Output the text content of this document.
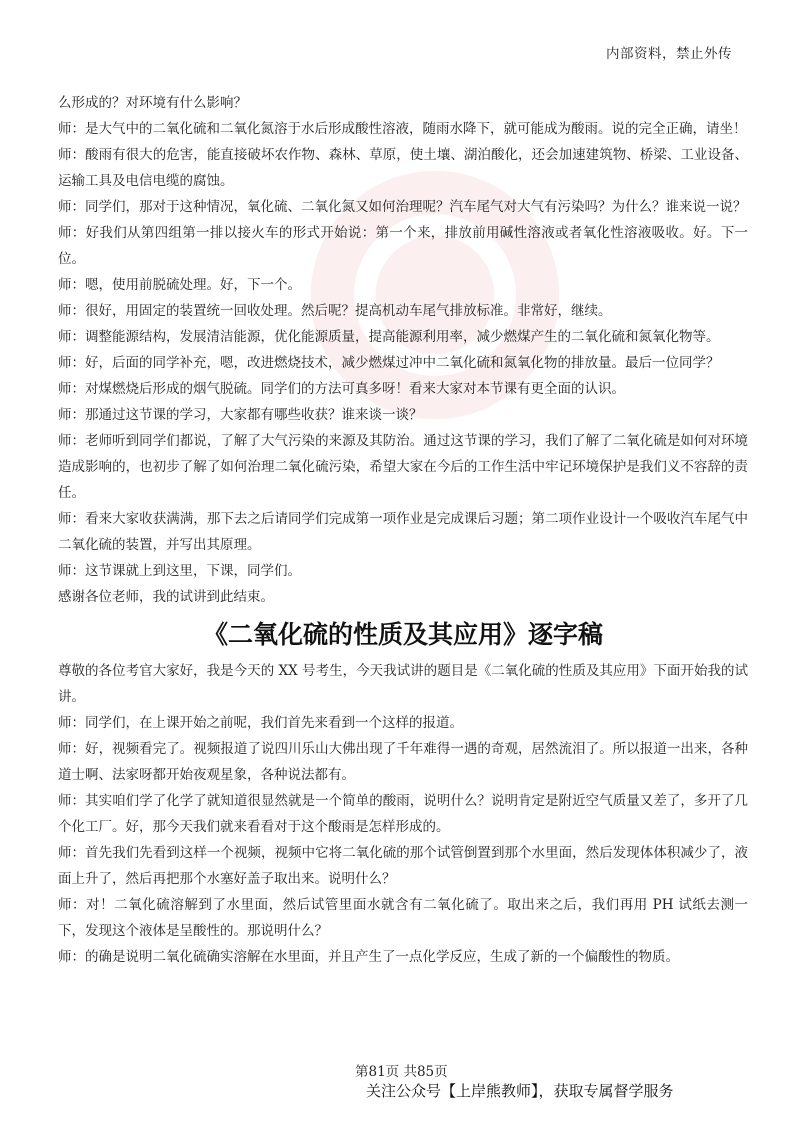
内部资料，禁止外传

么形成的？对环境有什么影响？

师：是大气中的二氧化硫和二氧化氮溶于水后形成酸性溶液，随雨水降下，就可能成为酸雨。说的完全正确，请坐！

师：酸雨有很大的危害，能直接破坏农作物、森林、草原，使土壤、湖泊酸化，还会加速建筑物、桥梁、工业设备、运输工具及电信电缆的腐蚀。

师：同学们，那对于这种情况，氧化硫、二氧化氮又如何治理呢？汽车尾气对大气有污染吗？为什么？谁来说一说？

师：好我们从第四组第一排以接火车的形式开始说：第一个来，排放前用碱性溶液或者氧化性溶液吸收。好。下一位。

师：嗯，使用前脱硫处理。好，下一个。

师：很好，用固定的装置统一回收处理。然后呢？提高机动车尾气排放标准。非常好，继续。

师：调整能源结构，发展清洁能源，优化能源质量，提高能源利用率，减少燃煤产生的二氧化硫和氮氧化物等。

师：好，后面的同学补充，嗯，改进燃烧技术，减少燃煤过冲中二氧化硫和氮氧化物的排放量。最后一位同学？

师：对煤燃烧后形成的烟气脱硫。同学们的方法可真多呀！看来大家对本节课有更全面的认识。

师：那通过这节课的学习，大家都有哪些收获？谁来谈一谈？

师：老师听到同学们都说，了解了大气污染的来源及其防治。通过这节课的学习，我们了解了二氧化硫是如何对环境造成影响的，也初步了解了如何治理二氧化硫污染，希望大家在今后的工作生活中牢记环境保护是我们义不容辞的责任。

师：看来大家收获满满，那下去之后请同学们完成第一项作业是完成课后习题；第二项作业设计一个吸收汽车尾气中二氧化硫的装置，并写出其原理。

师：这节课就上到这里，下课，同学们。

感谢各位老师，我的试讲到此结束。

《二氧化硫的性质及其应用》逐字稿

尊敬的各位考官大家好，我是今天的 XX 号考生，今天我试讲的题目是《二氧化硫的性质及其应用》下面开始我的试讲。

师：同学们，在上课开始之前呢，我们首先来看到一个这样的报道。

师：好，视频看完了。视频报道了说四川乐山大佛出现了千年难得一遇的奇观，居然流泪了。所以报道一出来，各种道士啊、法家呀都开始夜观星象，各种说法都有。

师：其实咱们学了化学了就知道很显然就是一个简单的酸雨，说明什么？说明肯定是附近空气质量又差了，多开了几个化工厂。好，那今天我们就来看看对于这个酸雨是怎样形成的。

师：首先我们先看到这样一个视频，视频中它将二氧化硫的那个试管倒置到那个水里面，然后发现体体积减少了，液面上升了，然后再把那个水塞好盖子取出来。说明什么？

师：对！二氧化硫溶解到了水里面，然后试管里面水就含有二氧化硫了。取出来之后，我们再用 PH 试纸去测一下，发现这个液体是呈酸性的。那说明什么？

师：的确是说明二氧化硫确实溶解在水里面，并且产生了一点化学反应，生成了新的一个偏酸性的物质。

第81页 共85页
关注公众号【上岸熊教师】，获取专属督学服务
